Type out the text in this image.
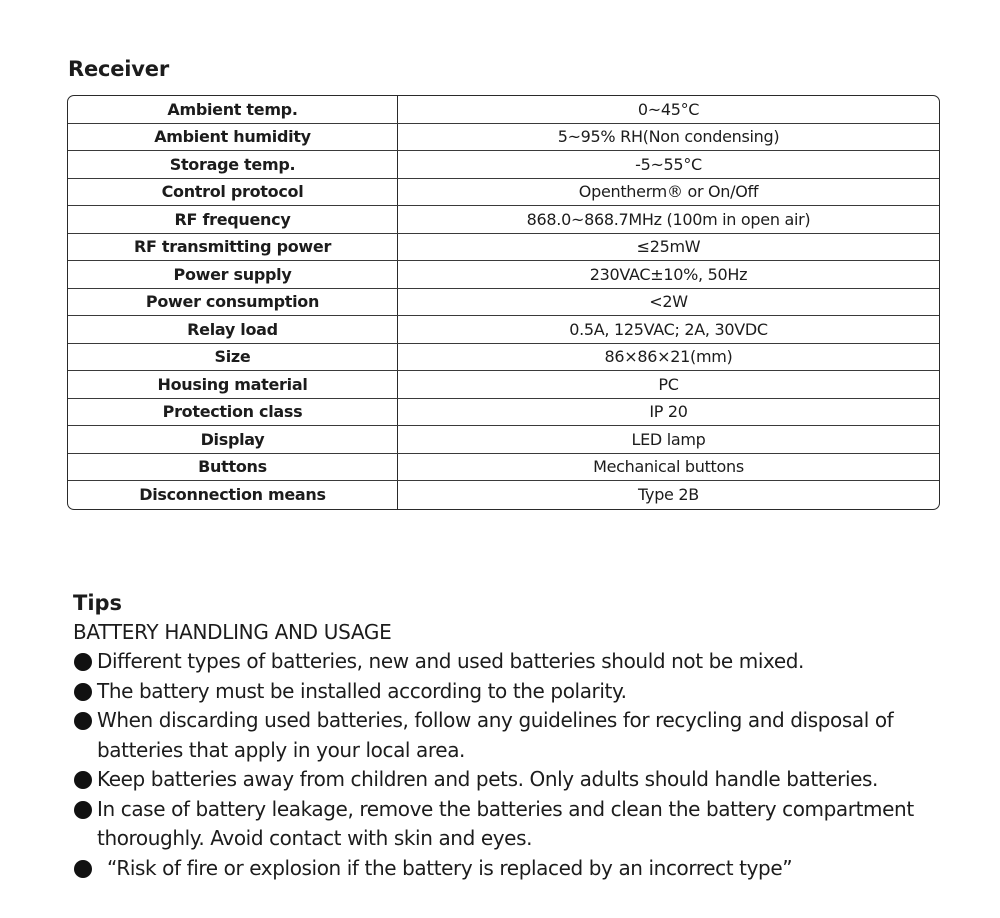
Receiver
Ambient temp.	0~45°C
Ambient humidity	5~95% RH(Non condensing)
Storage temp.	-5~55°C
Control protocol	Opentherm® or On/Off
RF frequency	868.0~868.7MHz (100m in open air)
RF transmitting power	≤25mW
Power supply	230VAC±10%, 50Hz
Power consumption	<2W
Relay load	0.5A, 125VAC; 2A, 30VDC
Size	86×86×21(mm)
Housing material	PC
Protection class	IP 20
Display	LED lamp
Buttons	Mechanical buttons
Disconnection means	Type 2B
Tips
BATTERY HANDLING AND USAGE
Different types of batteries, new and used batteries should not be mixed.
The battery must be installed according to the polarity.
When discarding used batteries, follow any guidelines for recycling and disposal of batteries that apply in your local area.
Keep batteries away from children and pets. Only adults should handle batteries.
In case of battery leakage, remove the batteries and clean the battery compartment thoroughly. Avoid contact with skin and eyes.
“Risk of fire or explosion if the battery is replaced by an incorrect type”
